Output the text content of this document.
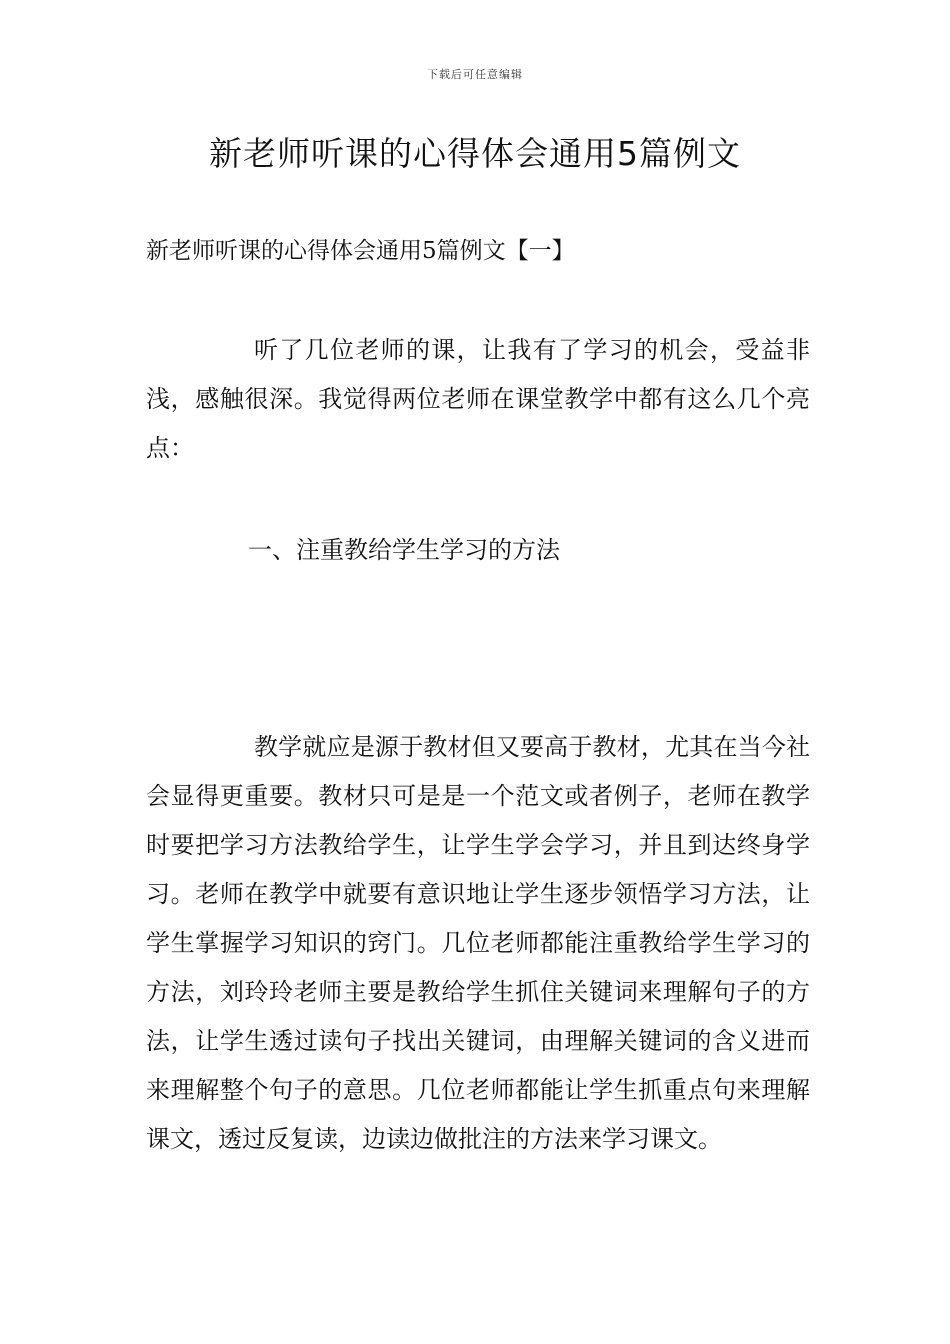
下载后可任意编辑
新老师听课的心得体会通用5篇例文
新老师听课的心得体会通用5篇例文【一】

听了几位老师的课，让我有了学习的机会，受益非浅，感触很深。我觉得两位老师在课堂教学中都有这么几个亮点：

一、注重教给学生学习的方法

教学就应是源于教材但又要高于教材，尤其在当今社会显得更重要。教材只可是是一个范文或者例子，老师在教学时要把学习方法教给学生，让学生学会学习，并且到达终身学习。老师在教学中就要有意识地让学生逐步领悟学习方法，让学生掌握学习知识的窍门。几位老师都能注重教给学生学习的方法，刘玲玲老师主要是教给学生抓住关键词来理解句子的方法，让学生透过读句子找出关键词，由理解关键词的含义进而来理解整个句子的意思。几位老师都能让学生抓重点句来理解课文，透过反复读，边读边做批注的方法来学习课文。
